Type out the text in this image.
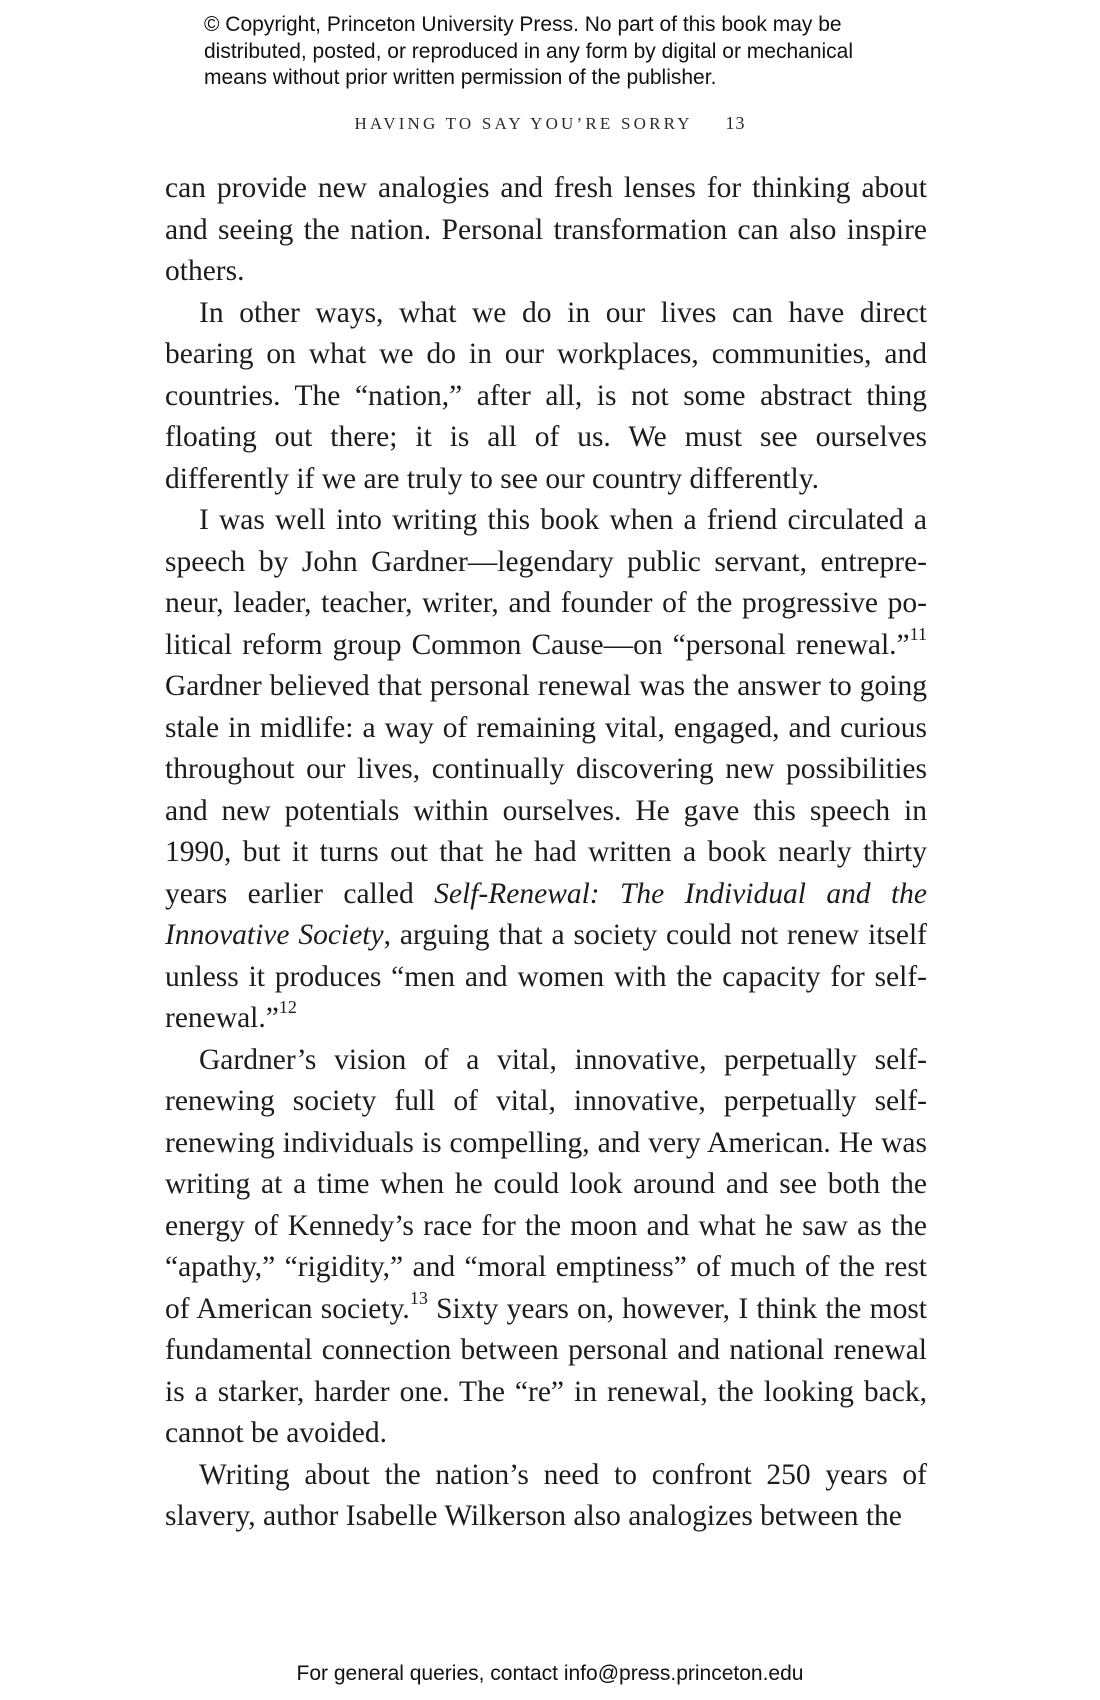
© Copyright, Princeton University Press. No part of this book may be
distributed, posted, or reproduced in any form by digital or mechanical
means without prior written permission of the publisher.
HAVING TO SAY YOU’RE SORRY 13

can provide new analogies and fresh lenses for thinking about and seeing the nation. Personal transformation can also inspire others.

In other ways, what we do in our lives can have direct bearing on what we do in our workplaces, communities, and countries. The “nation,” after all, is not some abstract thing floating out there; it is all of us. We must see ourselves differently if we are truly to see our country differently.

I was well into writing this book when a friend circulated a speech by John Gardner—legendary public servant, entrepreneur, leader, teacher, writer, and founder of the progressive political reform group Common Cause—on “personal renewal.”$^{11}$ Gardner believed that personal renewal was the answer to going stale in midlife: a way of remaining vital, engaged, and curious throughout our lives, continually discovering new possibilities and new potentials within ourselves. He gave this speech in 1990, but it turns out that he had written a book nearly thirty years earlier called Self-Renewal: The Individual and the Innovative Society, arguing that a society could not renew itself unless it produces “men and women with the capacity for self-renewal.”$^{12}$

Gardner’s vision of a vital, innovative, perpetually self-renewing society full of vital, innovative, perpetually self-renewing individuals is compelling, and very American. He was writing at a time when he could look around and see both the energy of Kennedy’s race for the moon and what he saw as the “apathy,” “rigidity,” and “moral emptiness” of much of the rest of American society.$^{13}$ Sixty years on, however, I think the most fundamental connection between personal and national renewal is a starker, harder one. The “re” in renewal, the looking back, cannot be avoided.

Writing about the nation’s need to confront 250 years of slavery, author Isabelle Wilkerson also analogizes between the

For general queries, contact info@press.princeton.edu
